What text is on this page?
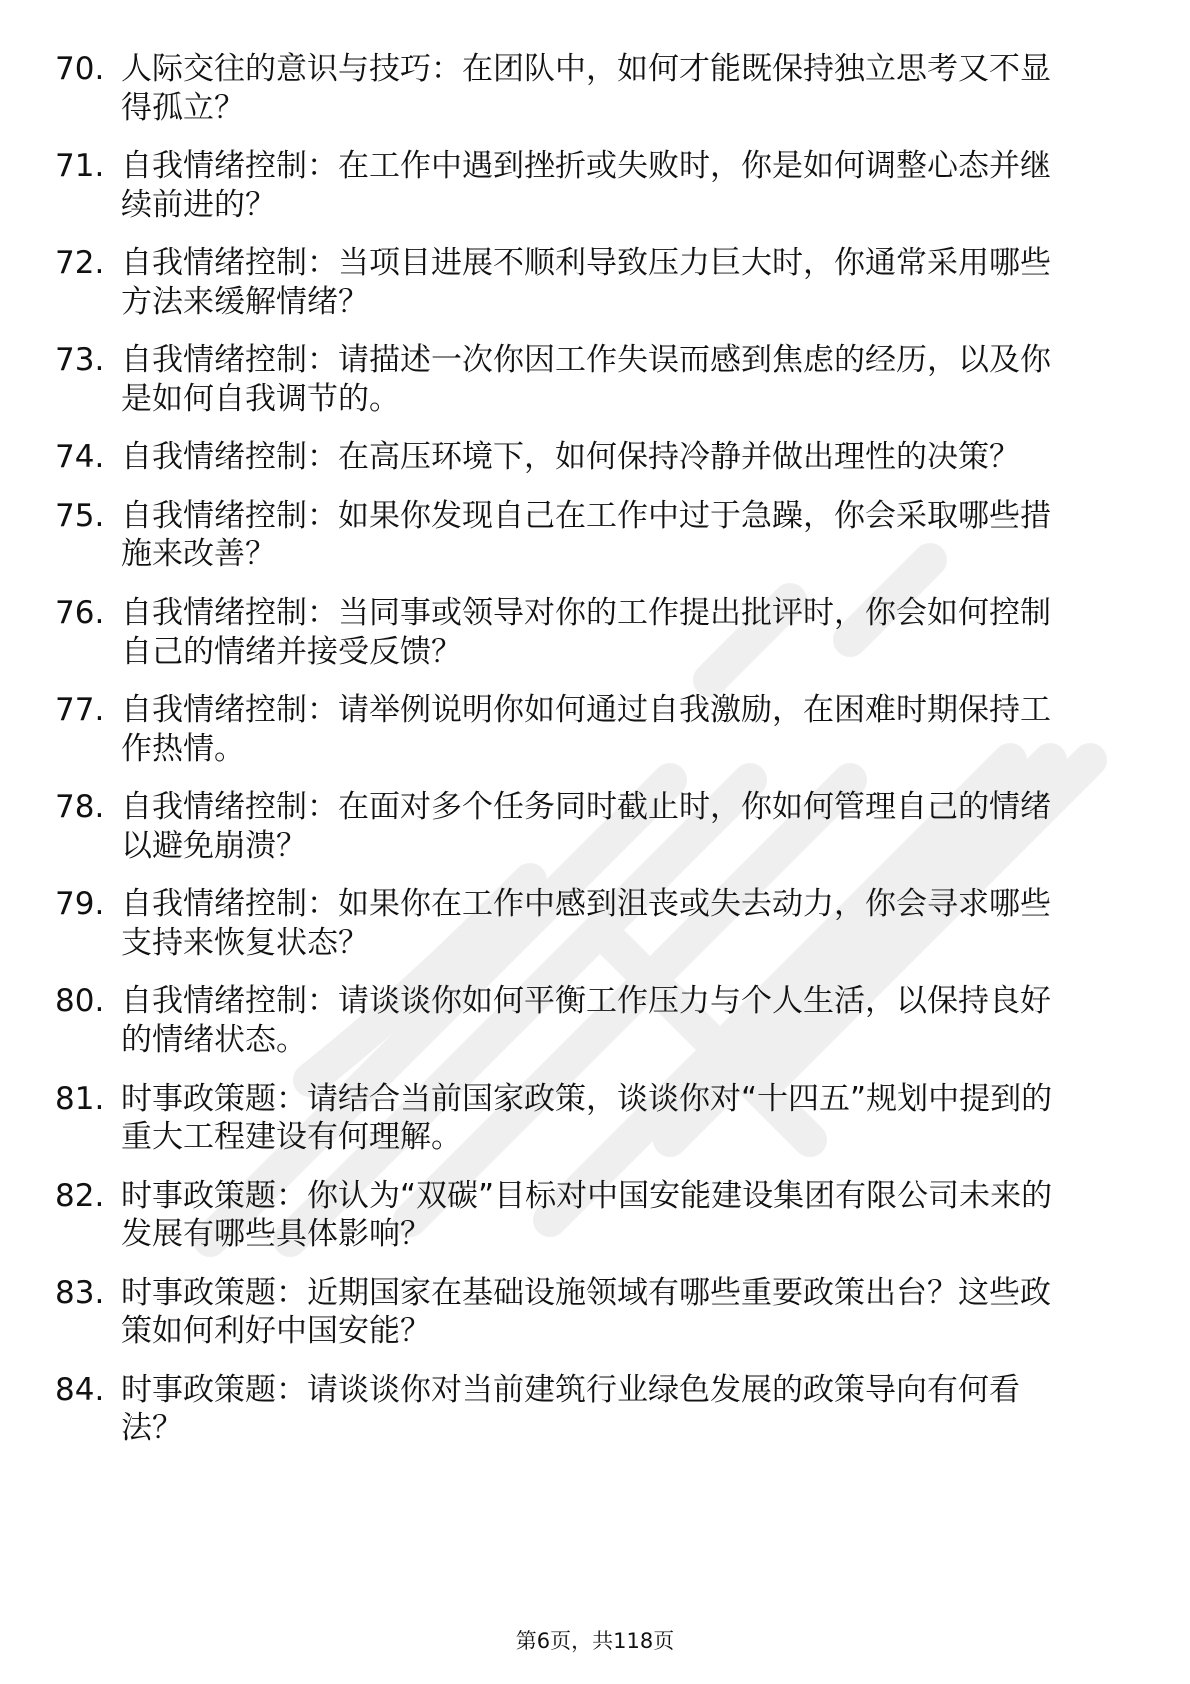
70. 人际交往的意识与技巧：在团队中，如何才能既保持独立思考又不显得孤立？
71. 自我情绪控制：在工作中遇到挫折或失败时，你是如何调整心态并继续前进的？
72. 自我情绪控制：当项目进展不顺利导致压力巨大时，你通常采用哪些方法来缓解情绪？
73. 自我情绪控制：请描述一次你因工作失误而感到焦虑的经历，以及你是如何自我调节的。
74. 自我情绪控制：在高压环境下，如何保持冷静并做出理性的决策？
75. 自我情绪控制：如果你发现自己在工作中过于急躁，你会采取哪些措施来改善？
76. 自我情绪控制：当同事或领导对你的工作提出批评时，你会如何控制自己的情绪并接受反馈？
77. 自我情绪控制：请举例说明你如何通过自我激励，在困难时期保持工作热情。
78. 自我情绪控制：在面对多个任务同时截止时，你如何管理自己的情绪以避免崩溃？
79. 自我情绪控制：如果你在工作中感到沮丧或失去动力，你会寻求哪些支持来恢复状态？
80. 自我情绪控制：请谈谈你如何平衡工作压力与个人生活，以保持良好的情绪状态。
81. 时事政策题：请结合当前国家政策，谈谈你对“十四五”规划中提到的重大工程建设有何理解。
82. 时事政策题：你认为“双碳”目标对中国安能建设集团有限公司未来的发展有哪些具体影响？
83. 时事政策题：近期国家在基础设施领域有哪些重要政策出台？这些政策如何利好中国安能？
84. 时事政策题：请谈谈你对当前建筑行业绿色发展的政策导向有何看法？
第6页，共118页
